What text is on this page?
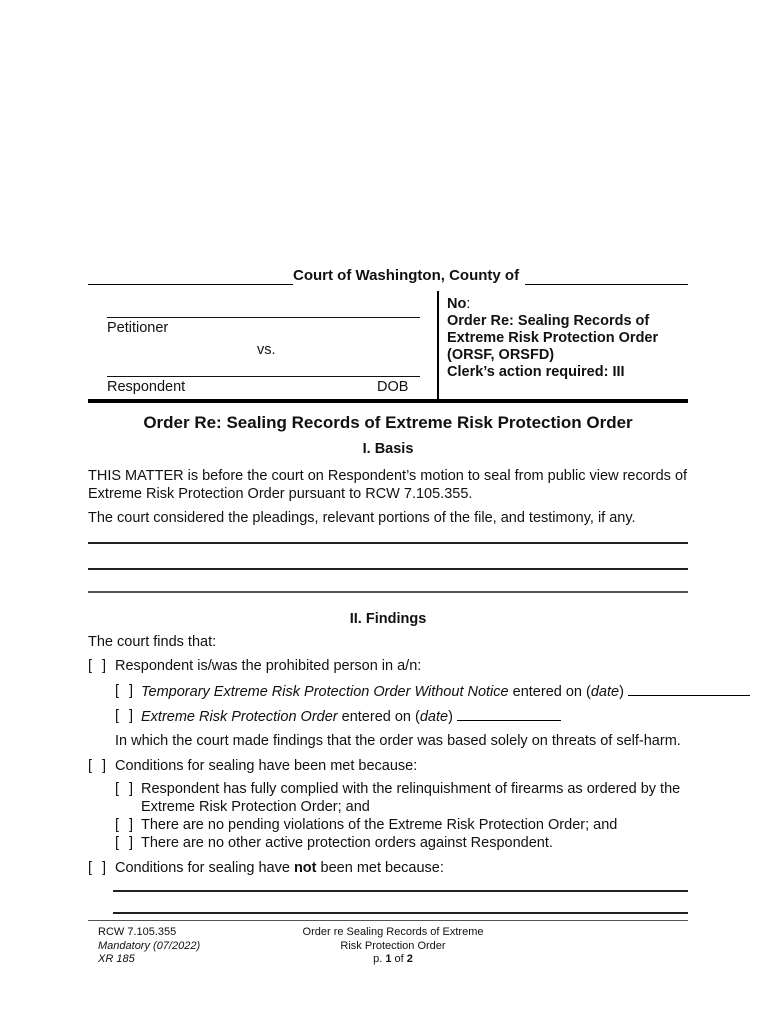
Court of Washington, County of
Petitioner
vs.
Respondent	DOB
No:
Order Re: Sealing Records of
Extreme Risk Protection Order
(ORSF, ORSFD)
Clerk’s action required: III
Order Re: Sealing Records of Extreme Risk Protection Order
I. Basis
THIS MATTER is before the court on Respondent’s motion to seal from public view records of Extreme Risk Protection Order pursuant to RCW 7.105.355.
The court considered the pleadings, relevant portions of the file, and testimony, if any.
II. Findings
The court finds that:
[ ] Respondent is/was the prohibited person in a/n:
[ ] Temporary Extreme Risk Protection Order Without Notice entered on (date)
[ ] Extreme Risk Protection Order entered on (date)
In which the court made findings that the order was based solely on threats of self-harm.
[ ] Conditions for sealing have been met because:
[ ] Respondent has fully complied with the relinquishment of firearms as ordered by the Extreme Risk Protection Order; and
[ ] There are no pending violations of the Extreme Risk Protection Order; and
[ ] There are no other active protection orders against Respondent.
[ ] Conditions for sealing have not been met because:
RCW 7.105.355
Mandatory (07/2022)
XR 185
Order re Sealing Records of Extreme
Risk Protection Order
p. 1 of 2
